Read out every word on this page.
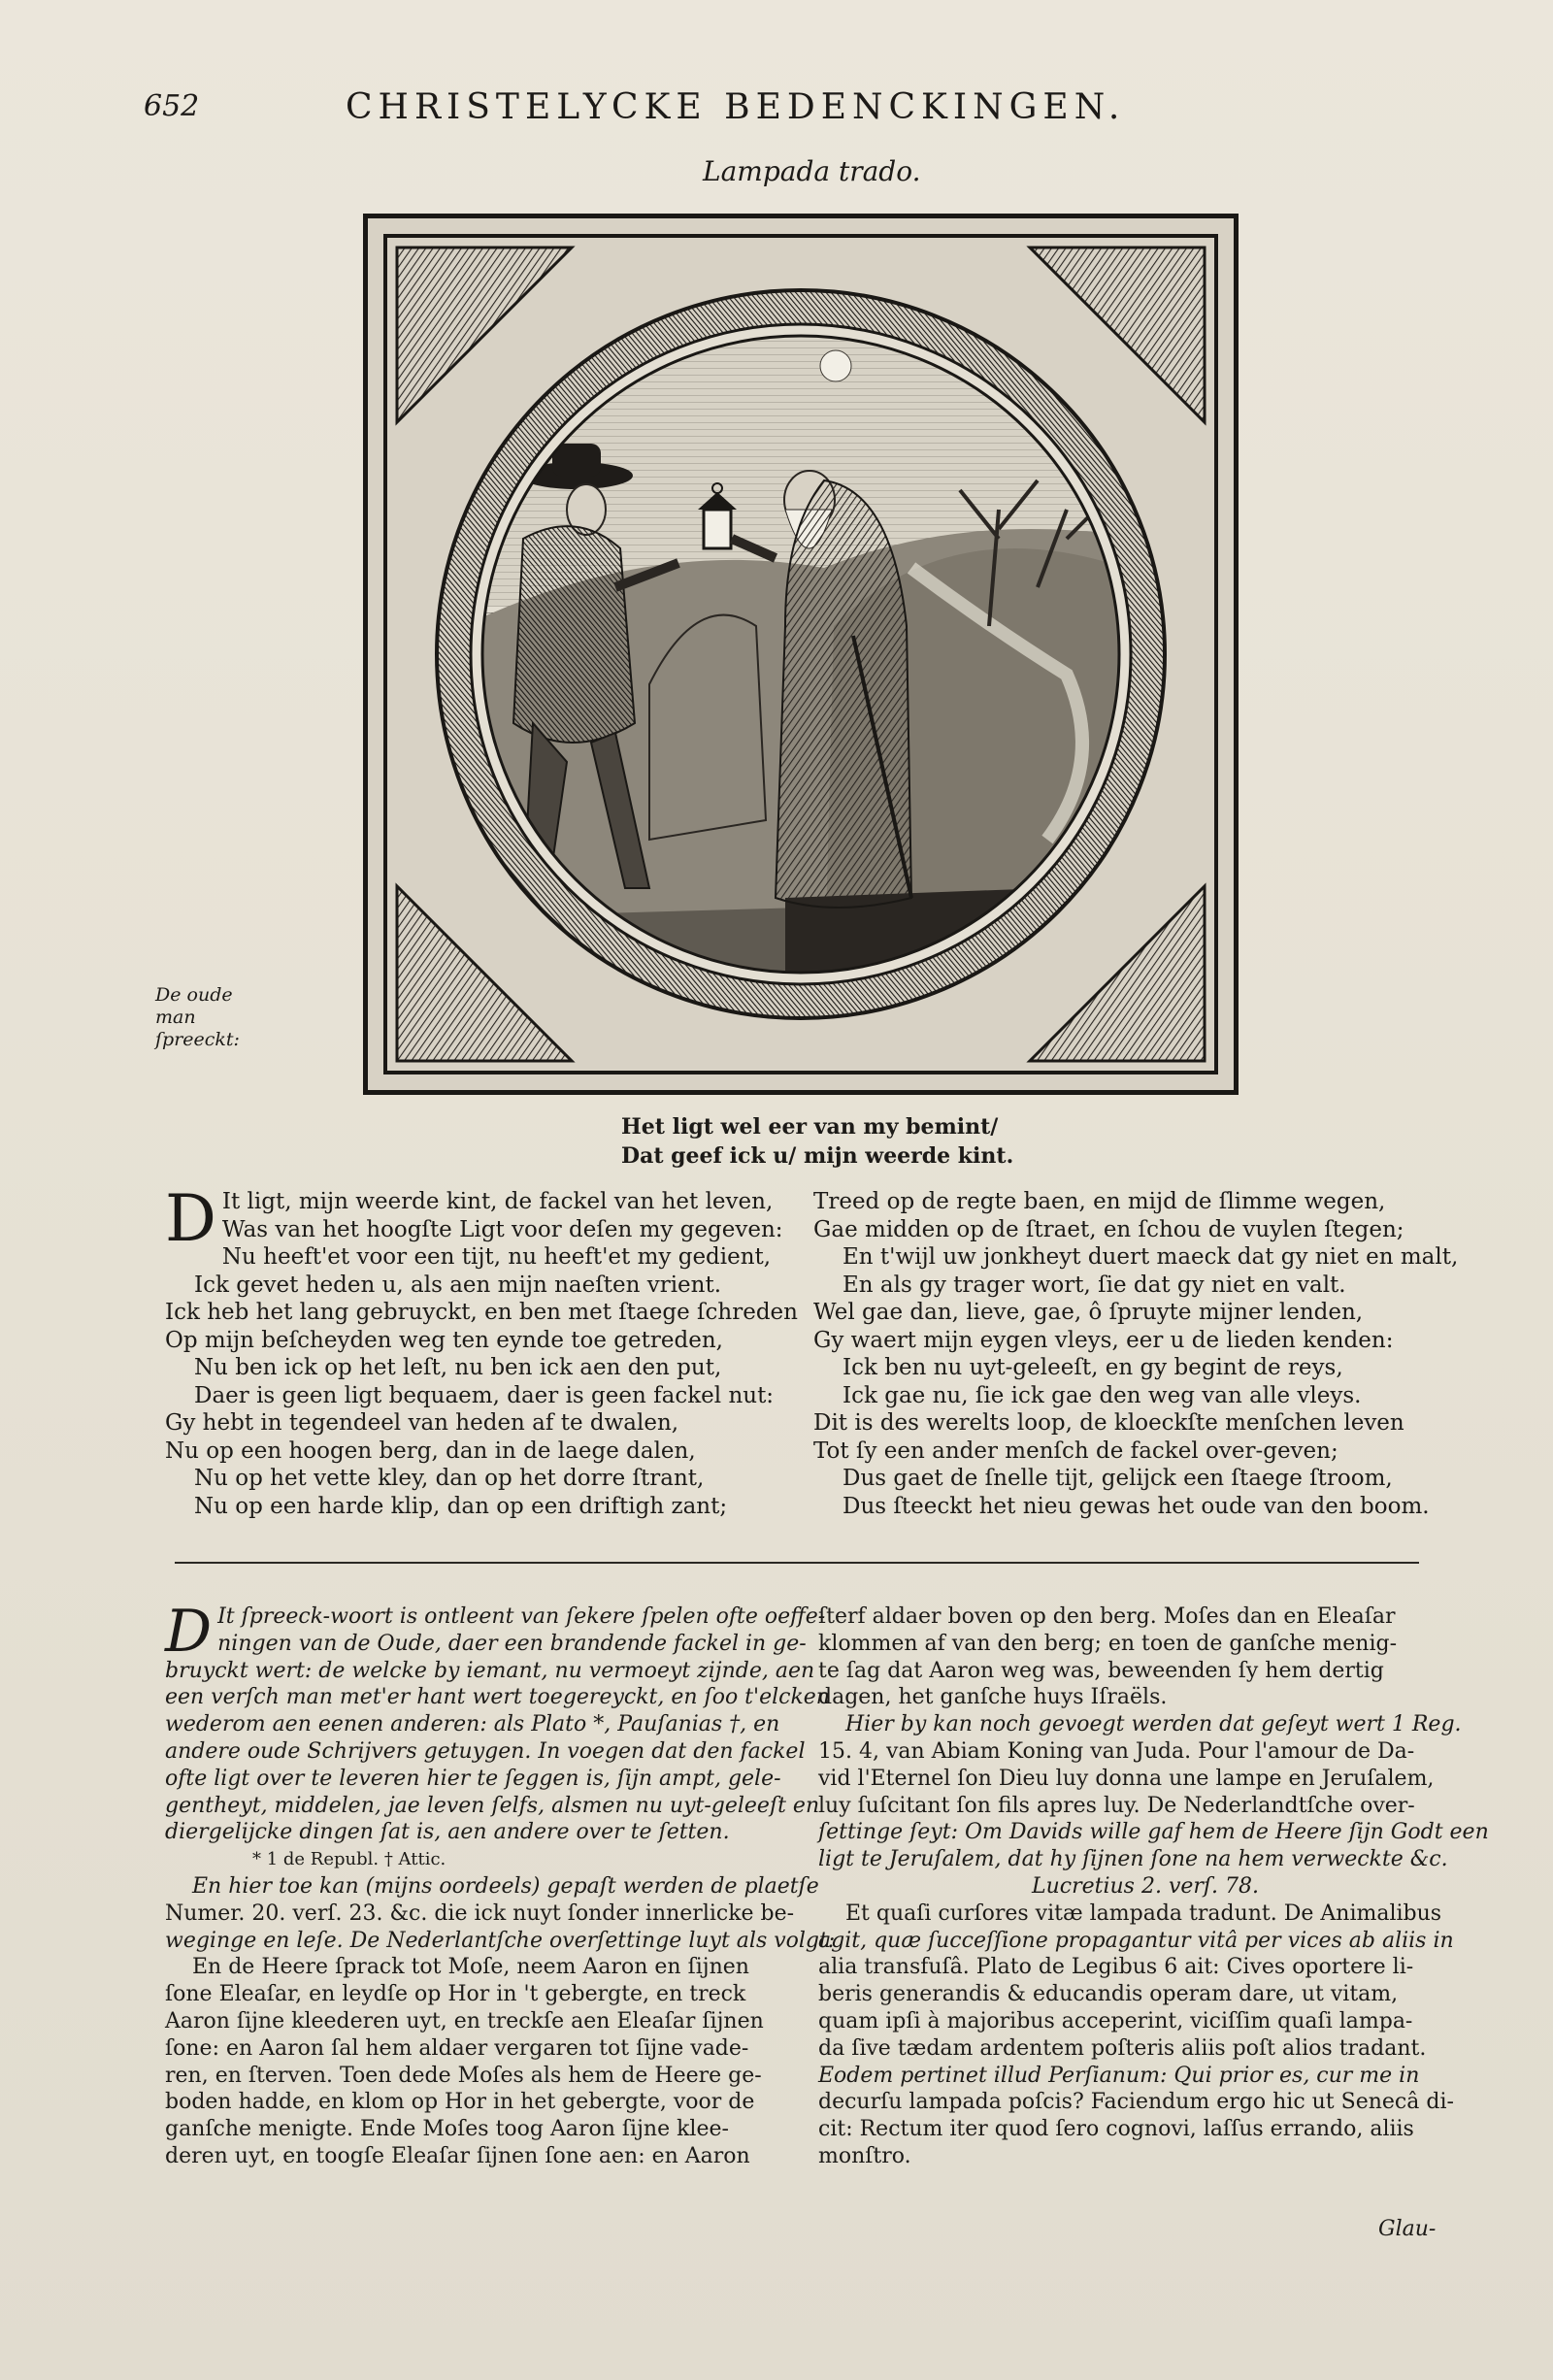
652	CHRISTELYCKE BEDENCKINGEN.
Lampada trado.
De oude
man
ſpreeckt:
Het ligt wel eer van my bemint/
Dat geef ick u/ mijn weerde kint.
D It ligt, mijn weerde kint, de fackel van het leven,
Was van het hoogſte Ligt voor deſen my gegeven:
Nu heeft'et voor een tijt, nu heeft'et my gedient,
Ick gevet heden u, als aen mijn naeſten vrient.
Ick heb het lang gebruyckt, en ben met ſtaege ſchreden
Op mijn beſcheyden weg ten eynde toe getreden,
Nu ben ick op het leſt, nu ben ick aen den put,
Daer is geen ligt bequaem, daer is geen fackel nut:
Gy hebt in tegendeel van heden af te dwalen,
Nu op een hoogen berg, dan in de laege dalen,
Nu op het vette kley, dan op het dorre ſtrant,
Nu op een harde klip, dan op een driftigh zant;
Treed op de regte baen, en mijd de ſlimme wegen,
Gae midden op de ſtraet, en ſchou de vuylen ſtegen;
En t'wijl uw jonkheyt duert maeck dat gy niet en malt,
En als gy trager wort, ſie dat gy niet en valt.
Wel gae dan, lieve, gae, ô ſpruyte mijner lenden,
Gy waert mijn eygen vleys, eer u de lieden kenden:
Ick ben nu uyt-geleeſt, en gy begint de reys,
Ick gae nu, ſie ick gae den weg van alle vleys.
Dit is des werelts loop, de kloeckſte menſchen leven
Tot ſy een ander menſch de fackel over-geven;
Dus gaet de ſnelle tijt, gelijck een ſtaege ſtroom,
Dus ſteeckt het nieu gewas het oude van den boom.
D It ſpreeck-woort is ontleent van ſekere ſpelen ofte oeffe-
ningen van de Oude, daer een brandende fackel in ge-
bruyckt wert: de welcke by iemant, nu vermoeyt zijnde, aen
een verſch man met'er hant wert toegereyckt, en ſoo t'elcken
wederom aen eenen anderen: als Plato *, Pauſanias †, en
andere oude Schrijvers getuygen. In voegen dat den fackel
ofte ligt over te leveren hier te ſeggen is, ſijn ampt, gele-
gentheyt, middelen, jae leven ſelfs, alsmen nu uyt-geleeſt en
diergelijcke dingen ſat is, aen andere over te ſetten.
* 1 de Republ. † Attic.
En hier toe kan (mijns oordeels) gepaſt werden de plaetſe
Numer. 20. verſ. 23. &c. die ick nuyt ſonder innerlicke be-
weginge en leſe. De Nederlantſche overſettinge luyt als volgt:
En de Heere ſprack tot Moſe, neem Aaron en ſijnen
ſone Eleaſar, en leydſe op Hor in 't gebergte, en treck
Aaron ſijne kleederen uyt, en treckſe aen Eleaſar ſijnen
ſone: en Aaron ſal hem aldaer vergaren tot ſijne vade-
ren, en ſterven. Toen dede Moſes als hem de Heere ge-
boden hadde, en klom op Hor in het gebergte, voor de
ganſche menigte. Ende Moſes toog Aaron ſijne klee-
deren uyt, en toogſe Eleaſar ſijnen ſone aen: en Aaron
ſterf aldaer boven op den berg. Moſes dan en Eleaſar
klommen af van den berg; en toen de ganſche menig-
te ſag dat Aaron weg was, beweenden ſy hem dertig
dagen, het ganſche huys Iſraëls.
Hier by kan noch gevoegt werden dat geſeyt wert 1 Reg.
15. 4, van Abiam Koning van Juda. Pour l'amour de Da-
vid l'Eternel ſon Dieu luy donna une lampe en Jeruſalem,
luy ſuſcitant ſon fils apres luy. De Nederlandtſche over-
ſettinge ſeyt: Om Davids wille gaf hem de Heere ſijn Godt een
ligt te Jeruſalem, dat hy ſijnen ſone na hem verweckte &c.
Lucretius 2. verſ. 78.
Et quaſi curſores vitæ lampada tradunt. De Animalibus
agit, quæ ſucceſſione propagantur vitâ per vices ab aliis in
alia transfuſâ. Plato de Legibus 6 ait: Cives oportere li-
beris generandis & educandis operam dare, ut vitam,
quam ipſi à majoribus acceperint, viciſſim quaſi lampa-
da ſive tædam ardentem poſteris aliis poſt alios tradant.
Eodem pertinet illud Perſianum: Qui prior es, cur me in
decurſu lampada poſcis? Faciendum ergo hic ut Senecâ di-
cit: Rectum iter quod ſero cognovi, laſſus errando, aliis
monſtro.
Glau-
